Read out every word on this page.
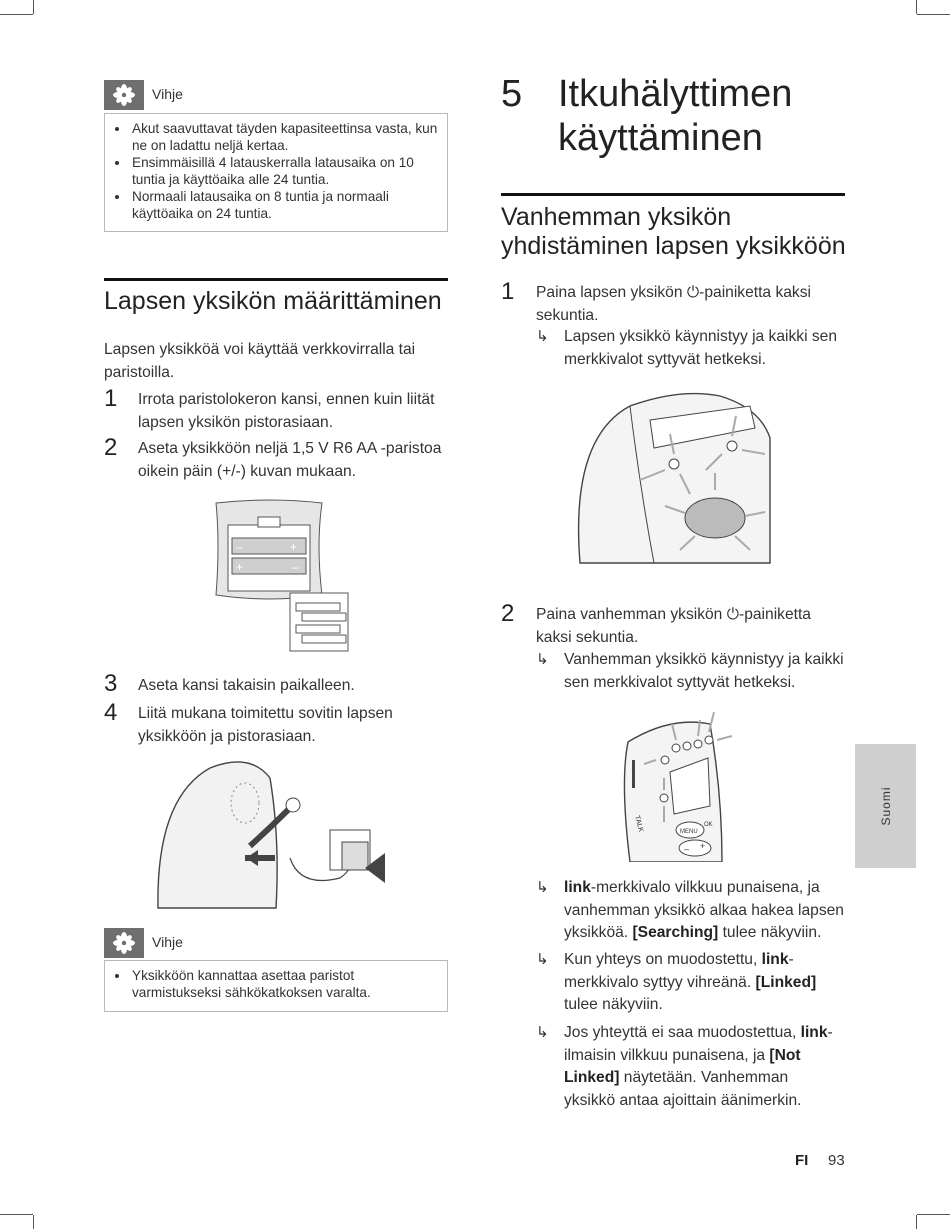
Vihje
• Akut saavuttavat täyden kapasiteettinsa vasta, kun ne on ladattu neljä kertaa.
• Ensimmäisillä 4 latauskerralla latausaika on 10 tuntia ja käyttöaika alle 24 tuntia.
• Normaali latausaika on 8 tuntia ja normaali käyttöaika on 24 tuntia.
Lapsen yksikön määrittäminen
Lapsen yksikköä voi käyttää verkkovirralla tai paristoilla.
1 Irrota paristolokeron kansi, ennen kuin liität lapsen yksikön pistorasiaan.
2 Aseta yksikköön neljä 1,5 V R6 AA -paristoa oikein päin (+/-) kuvan mukaan.
–	+
+	–
3 Aseta kansi takaisin paikalleen.
4 Liitä mukana toimitettu sovitin lapsen yksikköön ja pistorasiaan.
Vihje
• Yksikköön kannattaa asettaa paristot varmistukseksi sähkökatkoksen varalta.
5 Itkuhälyttimen
käyttäminen
Vanhemman yksikön
yhdistäminen lapsen yksikköön
1 Paina lapsen yksikön ⏻-painiketta kaksi sekuntia.
↳ Lapsen yksikkö käynnistyy ja kaikki sen merkkivalot syttyvät hetkeksi.
2 Paina vanhemman yksikön ⏻-painiketta kaksi sekuntia.
↳ Vanhemman yksikkö käynnistyy ja kaikki sen merkkivalot syttyvät hetkeksi.
TALK	MENU
OK
– +
↳ link-merkkivalo vilkkuu punaisena, ja vanhemman yksikkö alkaa hakea lapsen yksikköä. [Searching] tulee näkyviin.
↳ Kun yhteys on muodostettu, link-merkkivalo syttyy vihreänä. [Linked] tulee näkyviin.
↳ Jos yhteyttä ei saa muodostettua, link-ilmaisin vilkkuu punaisena, ja [Not Linked] näytetään. Vanhemman yksikkö antaa ajoittain äänimerkin.
Suomi
FI 93
